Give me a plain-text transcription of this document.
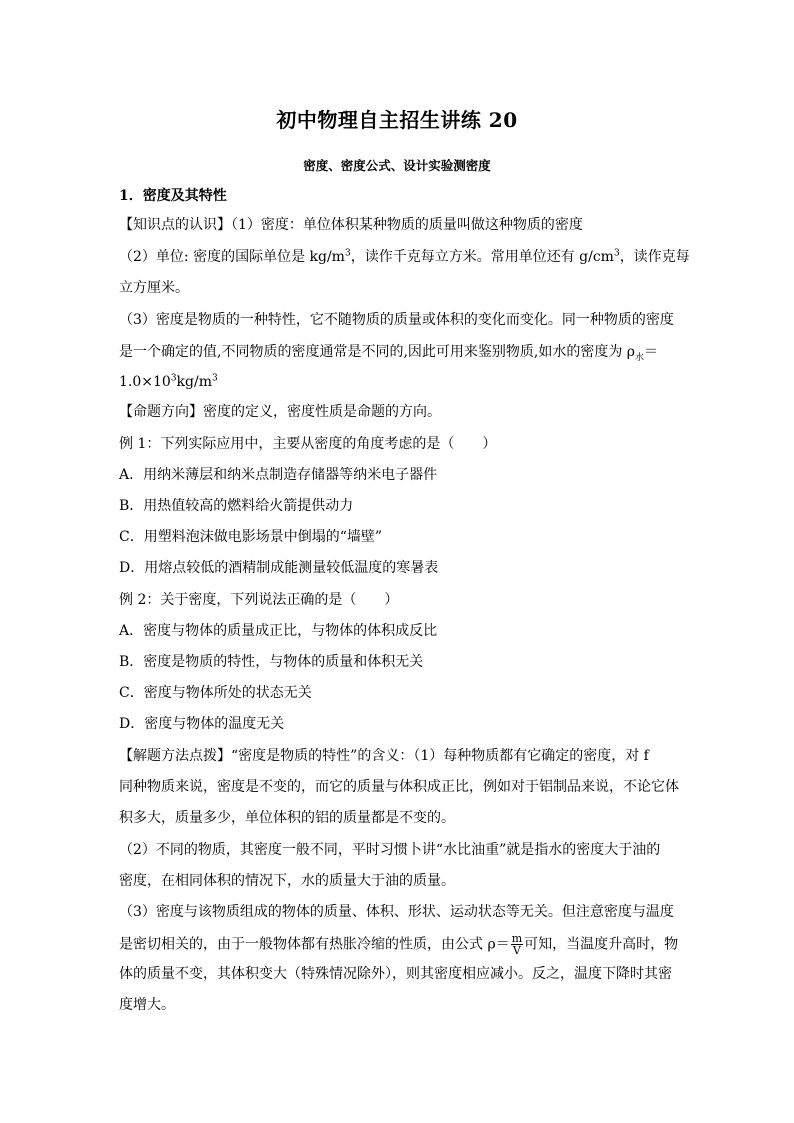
初中物理自主招生讲练 20
密度、密度公式、设计实验测密度
1．密度及其特性
【知识点的认识】（1）密度：单位体积某种物质的质量叫做这种物质的密度
（2）单位: 密度的国际单位是 $kg/m^3$，读作千克每立方米。常用单位还有 $g/cm^3$，读作克每
立方厘米。
（3）密度是物质的一种特性，它不随物质的质量或体积的变化而变化。同一种物质的密度
是一个确定的值,不同物质的密度通常是不同的,因此可用来鉴别物质,如水的密度为 $\rho_水=$
$1.0\times 10^3kg/m^3$
【命题方向】密度的定义，密度性质是命题的方向。
例 1：下列实际应用中，主要从密度的角度考虑的是（　　）
A．用纳米薄层和纳米点制造存储器等纳米电子器件
B．用热值较高的燃料给火箭提供动力
C．用塑料泡沫做电影场景中倒塌的“墙壁”
D．用熔点较低的酒精制成能测量较低温度的寒暑表
例 2：关于密度，下列说法正确的是（　　）
A．密度与物体的质量成正比，与物体的体积成反比
B．密度是物质的特性，与物体的质量和体积无关
C．密度与物体所处的状态无关
D．密度与物体的温度无关
【解题方法点拨】“密度是物质的特性”的含义：（1）每种物质都有它确定的密度，对 f
同种物质来说，密度是不变的，而它的质量与体积成正比，例如对于铝制品来说，不论它体
积多大，质量多少，单位体积的铝的质量都是不变的。
（2）不同的物质，其密度一般不同，平时习惯卜讲“水比油重”就是指水的密度大于油的
密度，在相同体积的情况下，水的质量大于油的质量。
（3）密度与该物质组成的物体的质量、体积、形状、运动状态等无关。但注意密度与温度
是密切相关的，由于一般物体都有热胀冷缩的性质，由公式 $\rho= \frac{m}{V}$ 可知，当温度升高时，物
体的质量不变，其体积变大（特殊情况除外），则其密度相应减小。反之，温度下降时其密
度增大。
